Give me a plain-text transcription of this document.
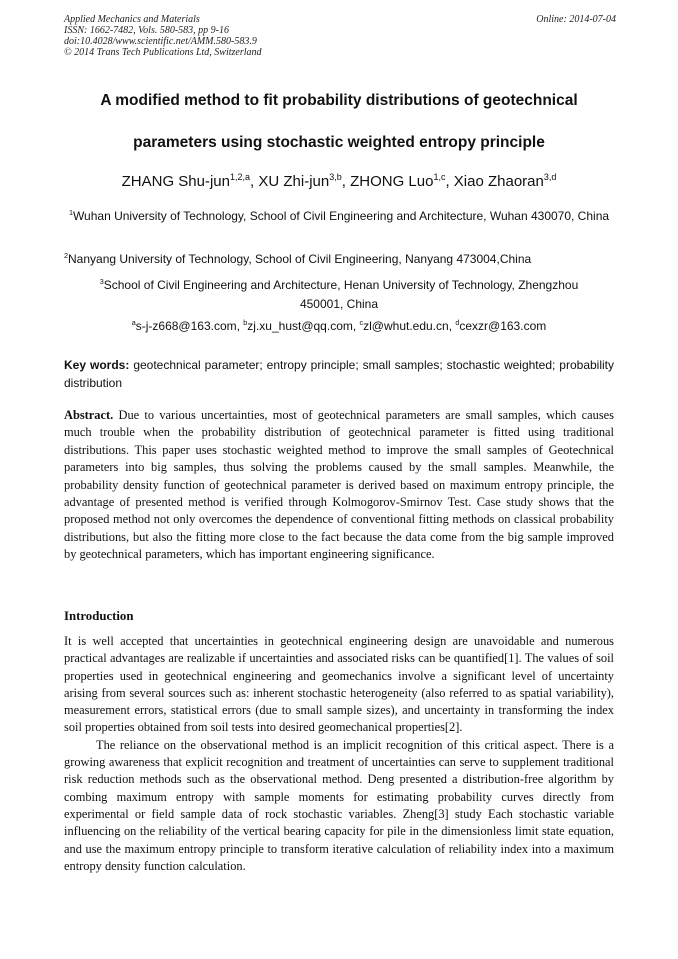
Applied Mechanics and Materials
ISSN: 1662-7482, Vols. 580-583, pp 9-16
doi:10.4028/www.scientific.net/AMM.580-583.9
© 2014 Trans Tech Publications Ltd, Switzerland
Online: 2014-07-04
A modified method to fit probability distributions of geotechnical
parameters using stochastic weighted entropy principle
ZHANG Shu-jun$^{1,2,a}$, XU Zhi-jun$^{3,b}$, ZHONG Luo$^{1,c}$, Xiao Zhaoran$^{3,d}$
$^1$Wuhan University of Technology, School of Civil Engineering and Architecture, Wuhan 430070, China
$^2$Nanyang University of Technology, School of Civil Engineering, Nanyang 473004,China
$^3$School of Civil Engineering and Architecture, Henan University of Technology, Zhengzhou 450001, China
$^a$s-j-z668@163.com, $^b$zj.xu_hust@qq.com, $^c$zl@whut.edu.cn, $^d$cexzr@163.com
Key words: geotechnical parameter; entropy principle; small samples; stochastic weighted; probability distribution
Abstract. Due to various uncertainties, most of geotechnical parameters are small samples, which causes much trouble when the probability distribution of geotechnical parameter is fitted using traditional distributions. This paper uses stochastic weighted method to improve the small samples of Geotechnical parameters into big samples, thus solving the problems caused by the small samples. Meanwhile, the probability density function of geotechnical parameter is derived based on maximum entropy principle, the advantage of presented method is verified through Kolmogorov-Smirnov Test. Case study shows that the proposed method not only overcomes the dependence of conventional fitting methods on classical probability distributions, but also the fitting more close to the fact because the data come from the big sample improved by geotechnical parameters, which has important engineering significance.
Introduction

It is well accepted that uncertainties in geotechnical engineering design are unavoidable and numerous practical advantages are realizable if uncertainties and associated risks can be quantified[1]. The values of soil properties used in geotechnical engineering and geomechanics involve a significant level of uncertainty arising from several sources such as: inherent stochastic heterogeneity (also referred to as spatial variability), measurement errors, statistical errors (due to small sample sizes), and uncertainty in transforming the index soil properties obtained from soil tests into desired geomechanical properties[2].

The reliance on the observational method is an implicit recognition of this critical aspect. There is a growing awareness that explicit recognition and treatment of uncertainties can serve to supplement traditional risk reduction methods such as the observational method. Deng presented a distribution-free algorithm by combing maximum entropy with sample moments for estimating probability curves directly from experimental or field sample data of rock stochastic variables. Zheng[3] study Each stochastic variable influencing on the reliability of the vertical bearing capacity for pile in the dimensionless limit state equation, and use the maximum entropy principle to transform iterative calculation of reliability index into a maximum entropy density function calculation.
